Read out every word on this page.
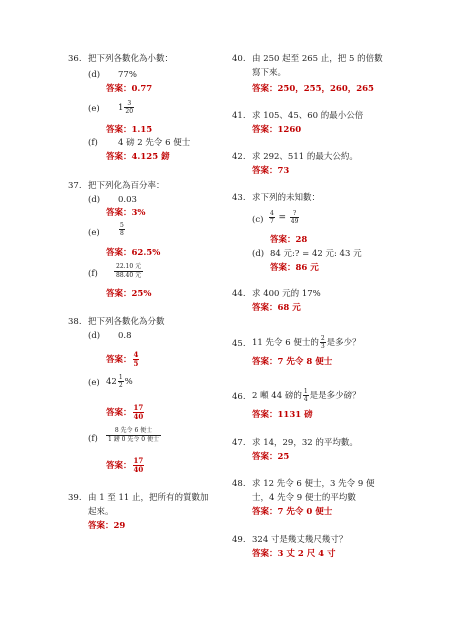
36. 把下列各數化為小數：
(d) 77%
答案：0.77
(e) $1 \frac{3}{20}$
答案：1.15
(f) 4 磅 2 先令 6 便士
答案：4.125 鎊
37. 把下列化為百分率：
(d) 0.03
答案：3%
(e)	$\frac{5}{8}$
答案：62.5%
(f)
22.10 元
88.40 元
答案：25%
38. 把下列各數化為分數
(d) 0.8
答案： $\frac{4}{5}$
(e) $42 \frac{1}{2}$ %
答案： $\frac{17}{40}$
(f)
8 先令 6 便士
1 鎊 0 先令 0 便士
答案： $\frac{17}{40}$
39. 由 1 至 11 止，把所有的質數加
起來。
答案：29
40. 由 250 起至 265 止，把 5 的倍數
寫下來。
答案：250，255，260，265
41. 求 105、45、60 的最小公倍
答案：1260
42. 求 292、511 的最大公約。
答案：73
43. 求下列的未知數：
$(c) \frac{4}{7} = \frac{?}{49}$
答案：28
(d) 84 元:? = 42 元: 43 元
答案：86 元
44. 求 400 元的 17%
答案：68 元
45. 11 先令 6 便士的 $\frac{2}{3}$ 是多少？
答案：7 先令 8 便士
46. 2 噸 44 磅的 $\frac{1}{4}$ 是是多少磅？
答案：1131 磅
47. 求 14，29，32 的平均數。
答案：25
48. 求 12 先令 6 便士，3 先令 9 便
士，4 先令 9 便士的平均數
答案：7 先令 0 便士
49. 324 寸是幾丈幾尺幾寸？
答案：3 丈 2 尺 4 寸
